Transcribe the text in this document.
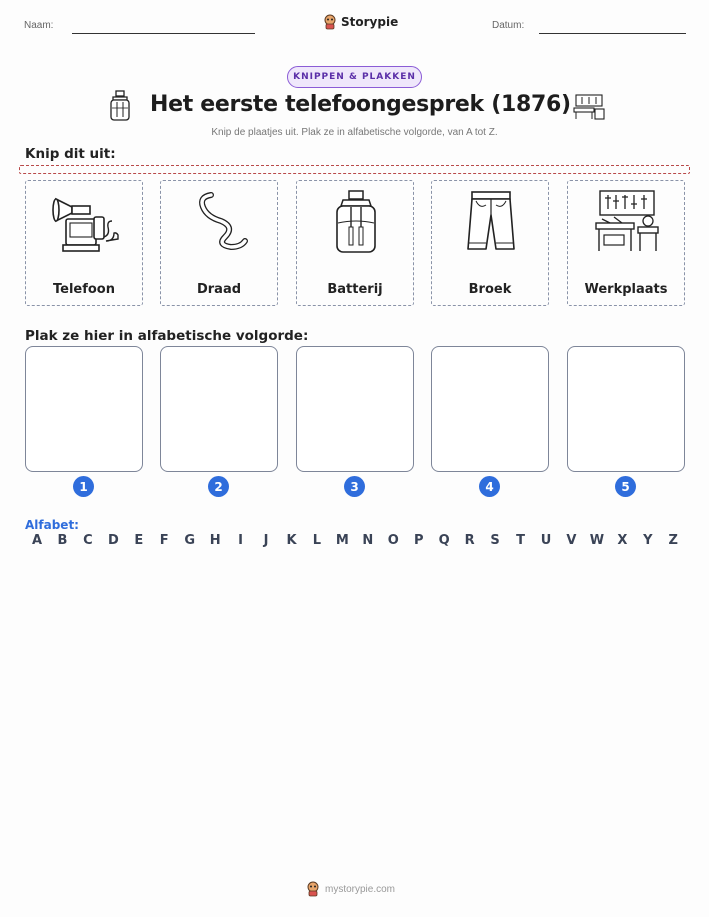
Naam:	Storypie	Datum:
KNIPPEN & PLAKKEN
Het eerste telefoongesprek (1876)
Knip de plaatjes uit. Plak ze in alfabetische volgorde, van A tot Z.
Knip dit uit:
Telefoon	Draad	Batterij	Broek	Werkplaats
Plak ze hier in alfabetische volgorde:
1	2	3	4	5
Alfabet:
A	B	C	D	E	F	G	H	I	J	K	L	M	N	O	P	Q	R	S	T	U	V	W	X	Y	Z
mystorypie.com
